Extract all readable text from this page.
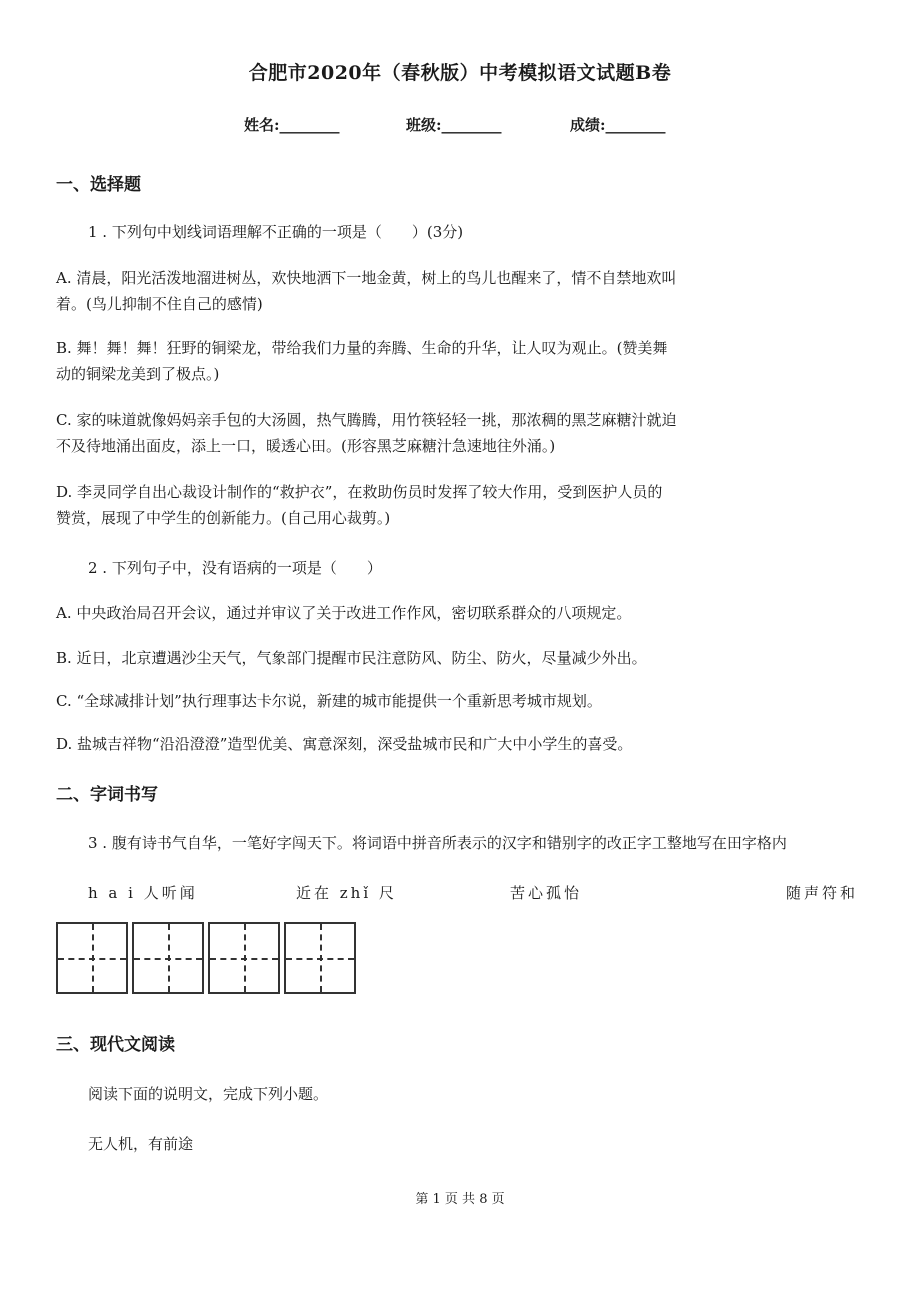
合肥市2020年（春秋版）中考模拟语文试题B卷
姓名:________	班级:________	成绩:________
一、选择题
1 . 下列句中划线词语理解不正确的一项是（　　）(3分)
A. 清晨，阳光活泼地溜进树丛，欢快地洒下一地金黄，树上的鸟儿也醒来了，情不自禁地欢叫
着。(鸟儿抑制不住自己的感情)
B. 舞！舞！舞！狂野的铜梁龙，带给我们力量的奔腾、生命的升华，让人叹为观止。(赞美舞
动的铜梁龙美到了极点。)
C. 家的味道就像妈妈亲手包的大汤圆，热气腾腾，用竹筷轻轻一挑，那浓稠的黑芝麻糖汁就迫
不及待地涌出面皮，添上一口，暖透心田。(形容黑芝麻糖汁急速地往外涌。)
D. 李灵同学自出心裁设计制作的“救护衣”，在救助伤员时发挥了较大作用，受到医护人员的
赞赏，展现了中学生的创新能力。(自己用心裁剪。)
2 . 下列句子中，没有语病的一项是（　　）
A. 中央政治局召开会议，通过并审议了关于改进工作作风，密切联系群众的八项规定。
B. 近日，北京遭遇沙尘天气，气象部门提醒市民注意防风、防尘、防火，尽量减少外出。
C. “全球减排计划”执行理事达卡尔说，新建的城市能提供一个重新思考城市规划。
D. 盐城吉祥物“沿沿澄澄”造型优美、寓意深刻，深受盐城市民和广大中小学生的喜受。
二、字词书写
3 . 腹有诗书气自华，一笔好字闯天下。将词语中拼音所表示的汉字和错别字的改正字工整地写在田字格内
h a i 人听闻	近在 zhǐ 尺	苦心孤怡	随声符和
三、现代文阅读
阅读下面的说明文，完成下列小题。
无人机，有前途
第 1 页 共 8 页
